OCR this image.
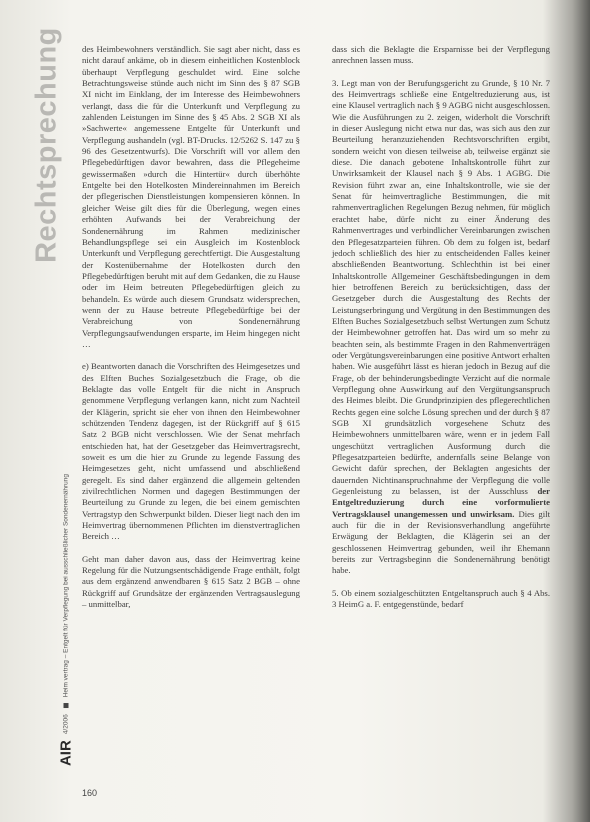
Rechtsprechung
AIR
4/2006
Heim vertrag – Entgelt für Verpflegung bei ausschließlicher Sondenernährung

des Heimbewohners verständlich. Sie sagt aber nicht, dass es nicht darauf ankäme, ob in diesem einheitlichen Kostenblock überhaupt Verpflegung geschuldet wird. Eine solche Betrachtungsweise stünde auch nicht im Sinn des § 87 SGB XI nicht im Einklang, der im Interesse des Heimbewohners verlangt, dass die für die Unterkunft und Verpflegung zu zahlenden Leistungen im Sinne des § 45 Abs. 2 SGB XI als »Sachwerte« angemessene Entgelte für Unterkunft und Verpflegung aushandeln (vgl. BT-Drucks. 12/5262 S. 147 zu § 96 des Gesetzentwurfs). Die Vorschrift will vor allem den Pflegebedürftigen davor bewahren, dass die Pflegeheime gewissermaßen »durch die Hintertür« durch überhöhte Entgelte bei den Hotelkosten Mindereinnahmen im Bereich der pflegerischen Dienstleistungen kompensieren können. In gleicher Weise gilt dies für die Überlegung, wegen eines erhöhten Aufwands bei der Verabreichung der Sondenernährung im Rahmen medizinischer Behandlungspflege sei ein Ausgleich im Kostenblock Unterkunft und Verpflegung gerechtfertigt. Die Ausgestaltung der Kostenübernahme der Hotelkosten durch den Pflegebedürftigen beruht mit auf dem Gedanken, die zu Hause oder im Heim betreuten Pflegebedürftigen gleich zu behandeln. Es würde auch diesem Grundsatz widersprechen, wenn der zu Hause betreute Pflegebedürftige bei der Verabreichung von Sondenernährung Verpflegungsaufwendungen ersparte, im Heim hingegen nicht …

e) Beantworten danach die Vorschriften des Heimgesetzes und des Elften Buches Sozialgesetzbuch die Frage, ob die Beklagte das volle Entgelt für die nicht in Anspruch genommene Verpflegung verlangen kann, nicht zum Nachteil der Klägerin, spricht sie eher von ihnen den Heimbewohner schützenden Tendenz dagegen, ist der Rückgriff auf § 615 Satz 2 BGB nicht verschlossen. Wie der Senat mehrfach entschieden hat, hat der Gesetzgeber das Heimvertragsrecht, soweit es um die hier zu Grunde zu legende Fassung des Heimgesetzes geht, nicht umfassend und abschließend geregelt. Es sind daher ergänzend die allgemein geltenden zivilrechtlichen Normen und dagegen Bestimmungen der Beurteilung zu Grunde zu legen, die bei einem gemischten Vertragstyp den Schwerpunkt bilden. Dieser liegt nach den im Heimvertrag übernommenen Pflichten im dienstvertraglichen Bereich …

Geht man daher davon aus, dass der Heimvertrag keine Regelung für die Nutzungsentschädigende Frage enthält, folgt aus dem ergänzend anwendbaren § 615 Satz 2 BGB – ohne Rückgriff auf Grundsätze der ergänzenden Vertragsauslegung – unmittelbar,

dass sich die Beklagte die Ersparnisse bei der Verpflegung anrechnen lassen muss.

3. Legt man von der Berufungsgericht zu Grunde, § 10 Nr. 7 des Heimvertrags schließe eine Entgeltreduzierung aus, ist eine Klausel vertraglich nach § 9 AGBG nicht ausgeschlossen. Wie die Ausführungen zu 2. zeigen, widerholt die Vorschrift in dieser Auslegung nicht etwa nur das, was sich aus den zur Beurteilung heranzuziehenden Rechtsvorschriften ergibt, sondern weicht von diesen teilweise ab, teilweise ergänzt sie diese. Die danach gebotene Inhaltskontrolle führt zur Unwirksamkeit der Klausel nach § 9 Abs. 1 AGBG. Die Revision führt zwar an, eine Inhaltskontrolle, wie sie der Senat für heimvertragliche Bestimmungen, die mit rahmenvertraglichen Regelungen Bezug nehmen, für möglich erachtet habe, dürfe nicht zu einer Änderung des Rahmenvertrages und verbindlicher Vereinbarungen zwischen den Pflegesatzparteien führen. Ob dem zu folgen ist, bedarf jedoch schließlich des hier zu entscheidenden Falles keiner abschließenden Beantwortung. Schlechthin ist bei einer Inhaltskontrolle Allgemeiner Geschäftsbedingungen in dem hier betroffenen Bereich zu berücksichtigen, dass der Gesetzgeber durch die Ausgestaltung des Rechts der Leistungserbringung und Vergütung in den Bestimmungen des Elften Buches Sozialgesetzbuch selbst Wertungen zum Schutz der Heimbewohner getroffen hat. Das wird um so mehr zu beachten sein, als bestimmte Fragen in den Rahmenverträgen oder Vergütungsvereinbarungen eine positive Antwort erhalten haben. Wie ausgeführt lässt es hieran jedoch in Bezug auf die Frage, ob der behinderungsbedingte Verzicht auf die normale Verpflegung ohne Auswirkung auf den Vergütungsanspruch des Heimes bleibt. Die Grundprinzipien des pflegerechtlichen Rechts gegen eine solche Lösung sprechen und der durch § 87 SGB XI grundsätzlich vorgesehene Schutz des Heimbewohners unmittelbaren wäre, wenn er in jedem Fall ungeschützt vertraglichen Ausformung durch die Pflegesatzparteien bedürfte, andernfalls seine Belange von Gewicht dafür sprechen, der Beklagten angesichts der dauernden Nichtinanspruchnahme der Verpflegung die volle Gegenleistung zu belassen, ist der Ausschluss der Entgeltreduzierung durch eine vorformulierte Vertragsklausel unangemessen und unwirksam. Dies gilt auch für die in der Revisionsverhandlung angeführte Erwägung der Beklagten, die Klägerin sei an der geschlossenen Heimvertrag gebunden, weil ihr Ehemann bereits zur Vertragsbeginn die Sondenernährung benötigt habe.

5. Ob einem sozialgeschützten Entgeltanspruch auch § 4 Abs. 3 HeimG a. F. entgegenstünde, bedarf

160
